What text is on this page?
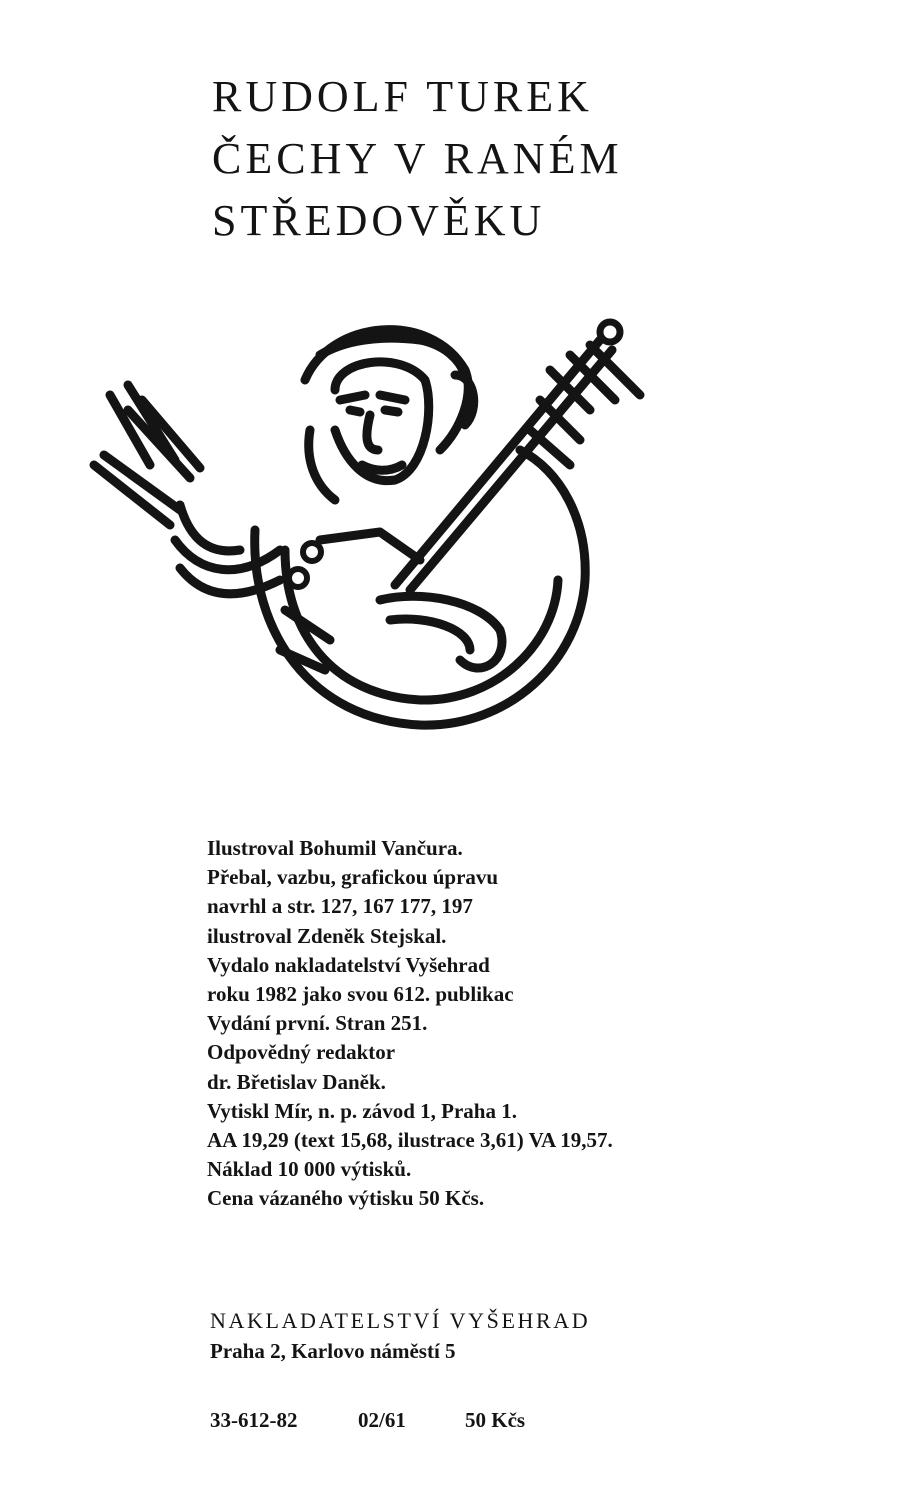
RUDOLF TUREK
ČECHY V RANÉM
STŘEDOVĚKU
Ilustroval Bohumil Vančura.
Přebal, vazbu, grafickou úpravu
navrhl a str. 127, 167 177, 197
ilustroval Zdeněk Stejskal.
Vydalo nakladatelství Vyšehrad
roku 1982 jako svou 612. publikac
Vydání první. Stran 251.
Odpovědný redaktor
dr. Břetislav Daněk.
Vytiskl Mír, n. p. závod 1, Praha 1.
AA 19,29 (text 15,68, ilustrace 3,61) VA 19,57.
Náklad 10 000 výtisků.
Cena vázaného výtisku 50 Kčs.
NAKLADATELSTVÍ VYŠEHRAD
Praha 2, Karlovo náměstí 5
33-612-82	02/61	50 Kčs
